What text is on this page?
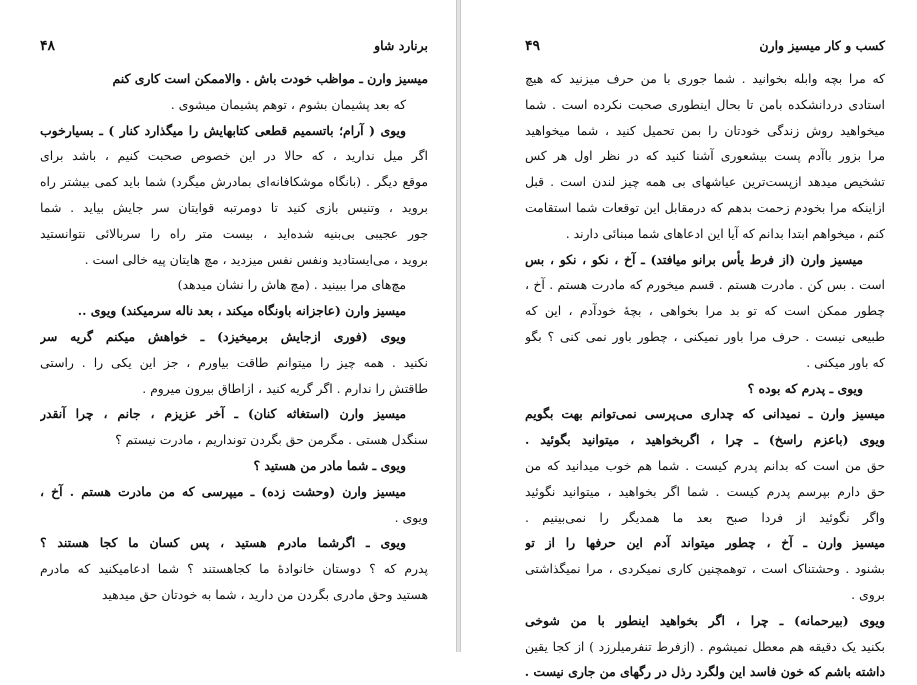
برنارد شاو
۴۸
میسیز وارن ـ مواظب خودت باش . والاممکن است کاری کنم
که بعد پشیمان بشوم ، توهم پشیمان میشوی .
ویوی ( آرام؛ باتسمیم قطعی کتابهایش را میگذارد کنار ) ـ بسیارخوب
اگر میل ندارید ، که حالا در این خصوص صحبت کنیم ، باشد برای
موقع دیگر . (بانگاه موشکافانه‌ای بمادرش میگرد) شما باید کمی بیشتر راه
بروید ، وتنیس بازی کنید تا دومرتبه قوایتان سر جایش بیاید . شما
جور عجیبی بی‌بنیه شده‌اید ، بیست متر راه را سربالائی نتوانستید
بروید ، می‌ایستادید ونفس نفس میزدید ، مچ هایتان پیه خالی است .
مچ‌های مرا ببینید . (مچ هاش را نشان میدهد)
میسیز وارن (عاجزانه باونگاه میکند ، بعد ناله سرمیکند) ویوی ..
ویوی (فوری ازجایش برمیخیزد) ـ خواهش میکنم گریه سر
نکنید . همه چیز را میتوانم طاقت بیاورم ، جز این یکی را . راستی
طاقتش را ندارم . اگر گریه کنید ، ازاطاق بیرون میروم .
میسیز وارن (استغاثه کنان) ـ آخر عزیزم ، جانم ، چرا آنقدر
سنگدل هستی . مگرمن حق بگردن تونداریم ، مادرت نیستم ؟
ویوی ـ شما مادر من هستید ؟
میسیز وارن (وحشت زده) ـ میپرسی که من مادرت هستم . آخ ،
ویوی .
ویوی ـ اگرشما مادرم هستید ، پس کسان ما کجا هستند ؟
پدرم که ؟ دوستان خانوادهٔ ما کجاهستند ؟ شما ادعامیکنید که مادرم
هستید وحق مادری بگردن من دارید ، شما به خودتان حق میدهید
کسب و کار میسیز وارن
۴۹
که مرا بچه وابله بخوانید . شما جوری با من حرف میزنید که هیچ
استادی دردانشکده بامن تا بحال اینطوری صحبت نکرده است . شما
میخواهید روش زندگی خودتان را بمن تحمیل کنید ، شما میخواهید
مرا بزور باآدم پست بیشعوری آشنا کنید که در نظر اول هر کس
تشخیص میدهد ازپست‌ترین عیاشهای بی همه چیز لندن است . قبل
ازاینکه مرا بخودم زحمت بدهم که درمقابل این توقعات شما استقامت
کنم ، میخواهم ابتدا بدانم که آیا این ادعاهای شما مبنائی دارند .
میسیز وارن (از فرط یأس برانو میافتد) ـ آخ ، نکو ، نکو ، بس
است . بس کن . مادرت هستم . قسم میخورم که مادرت هستم . آخ ،
چطور ممکن است که تو بد مرا بخواهی ، بچهٔ خودآدم ، این که
طبیعی نیست . حرف مرا باور نمیکنی ، چطور باور نمی کنی ؟ بگو
که باور میکنی .
ویوی ـ پدرم که بوده ؟
میسیز وارن ـ نمیدانی که چداری می‌پرسی نمی‌توانم بهت بگویم
ویوی (باعزم راسخ) ـ چرا ، اگربخواهید ، میتوانید بگوئید .
حق من است که بدانم پدرم کیست . شما هم خوب میدانید که من
حق دارم بپرسم پدرم کیست . شما اگر بخواهید ، میتوانید نگوئید
واگر نگوئید از فردا صبح بعد ما همدیگر را نمی‌بینیم .
میسیز وارن ـ آخ ، چطور میتواند آدم این حرفها را از تو
بشنود . وحشتناک است ، توهمچنین کاری نمیکردی ، مرا نمیگذاشتی
بروی .
ویوی (بیرحمانه) ـ چرا ، اگر بخواهید اینطور با من شوخی
بکنید یک دقیقه هم معطل نمیشوم . (ازفرط تنفرمیلرزد ) از کجا یقین
داشته باشم که خون فاسد این ولگرد رذل در رگهای من جاری نیست .
